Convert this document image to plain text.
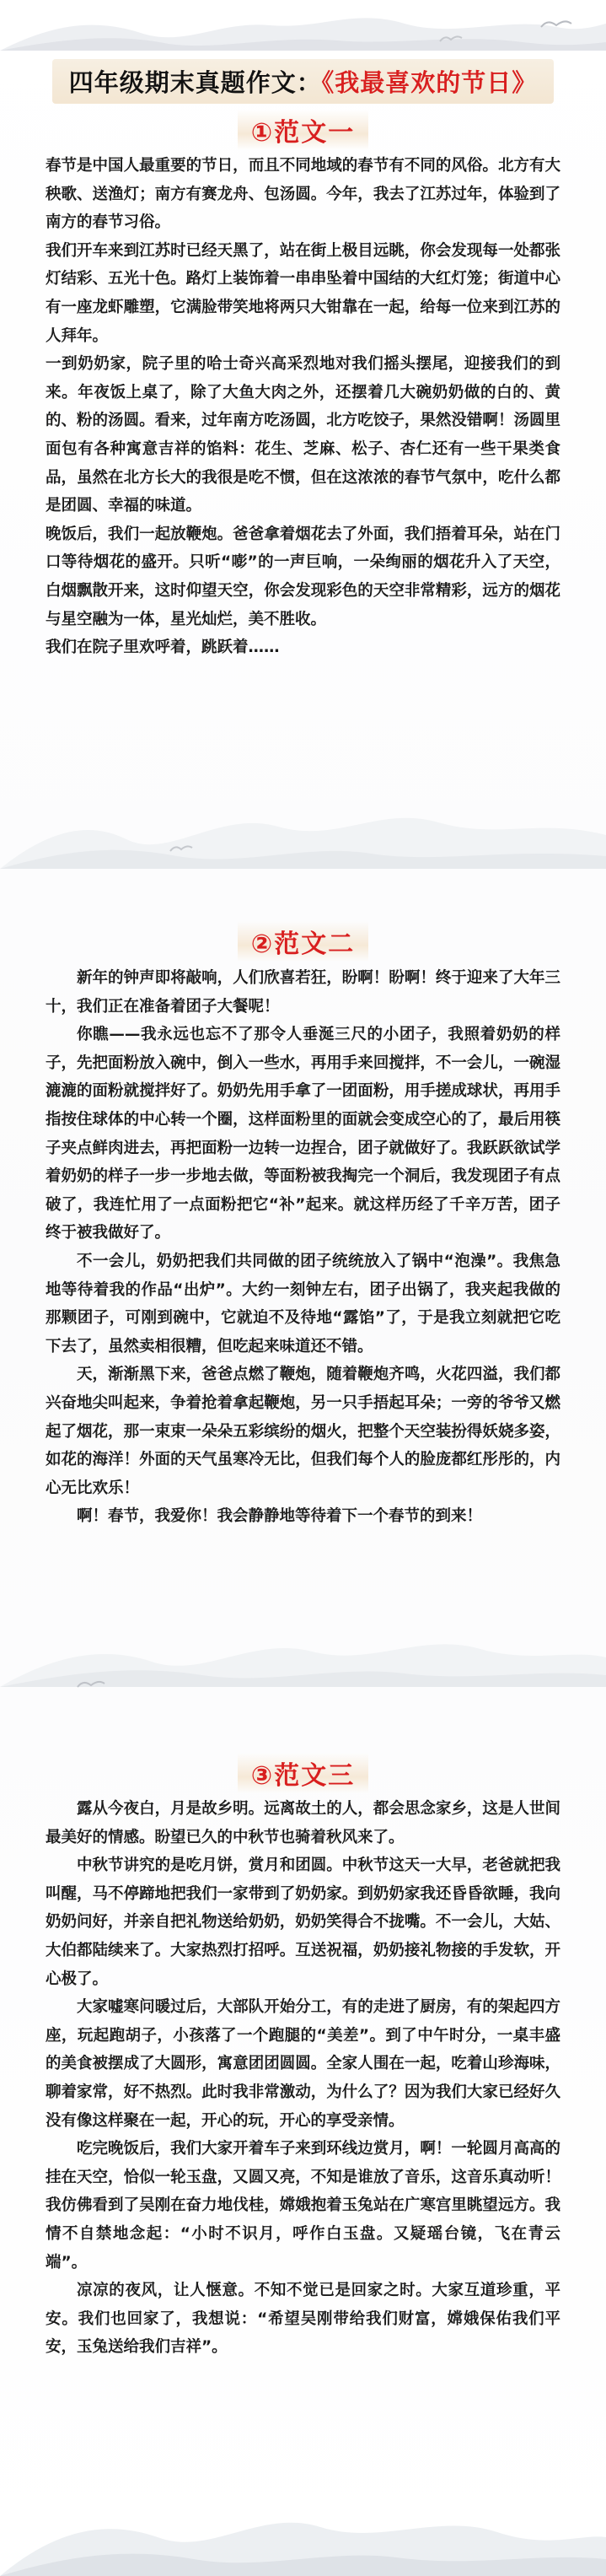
四年级期末真题作文：《我最喜欢的节日》
①范文一

春节是中国人最重要的节日，而且不同地域的春节有不同的风俗。北方有大秧歌、送渔灯；南方有赛龙舟、包汤圆。今年，我去了江苏过年，体验到了南方的春节习俗。

我们开车来到江苏时已经天黑了，站在街上极目远眺，你会发现每一处都张灯结彩、五光十色。路灯上装饰着一串串坠着中国结的大红灯笼；街道中心有一座龙虾雕塑，它满脸带笑地将两只大钳靠在一起，给每一位来到江苏的人拜年。

一到奶奶家，院子里的哈士奇兴高采烈地对我们摇头摆尾，迎接我们的到来。年夜饭上桌了，除了大鱼大肉之外，还摆着几大碗奶奶做的白的、黄的、粉的汤圆。看来，过年南方吃汤圆，北方吃饺子，果然没错啊！汤圆里面包有各种寓意吉祥的馅料：花生、芝麻、松子、杏仁还有一些干果类食品，虽然在北方长大的我很是吃不惯，但在这浓浓的春节气氛中，吃什么都是团圆、幸福的味道。

晚饭后，我们一起放鞭炮。爸爸拿着烟花去了外面，我们捂着耳朵，站在门口等待烟花的盛开。只听“嘭”的一声巨响，一朵绚丽的烟花升入了天空，白烟飘散开来，这时仰望天空，你会发现彩色的天空非常精彩，远方的烟花与星空融为一体，星光灿烂，美不胜收。

我们在院子里欢呼着，跳跃着……

②范文二

新年的钟声即将敲响，人们欣喜若狂，盼啊！盼啊！终于迎来了大年三十，我们正在准备着团子大餐呢！

你瞧——我永远也忘不了那令人垂涎三尺的小团子，我照着奶奶的样子，先把面粉放入碗中，倒入一些水，再用手来回搅拌，不一会儿，一碗湿漉漉的面粉就搅拌好了。奶奶先用手拿了一团面粉，用手搓成球状，再用手指按住球体的中心转一个圈，这样面粉里的面就会变成空心的了，最后用筷子夹点鲜肉进去，再把面粉一边转一边捏合，团子就做好了。我跃跃欲试学着奶奶的样子一步一步地去做，等面粉被我掏完一个洞后，我发现团子有点破了，我连忙用了一点面粉把它“补”起来。就这样历经了千辛万苦，团子终于被我做好了。

不一会儿，奶奶把我们共同做的团子统统放入了锅中“泡澡”。我焦急地等待着我的作品“出炉”。大约一刻钟左右，团子出锅了，我夹起我做的那颗团子，可刚到碗中，它就迫不及待地“露馅”了，于是我立刻就把它吃下去了，虽然卖相很糟，但吃起来味道还不错。

天，渐渐黑下来，爸爸点燃了鞭炮，随着鞭炮齐鸣，火花四溢，我们都兴奋地尖叫起来，争着抢着拿起鞭炮，另一只手捂起耳朵；一旁的爷爷又燃起了烟花，那一束束一朵朵五彩缤纷的烟火，把整个天空装扮得妖娆多姿，如花的海洋！外面的天气虽寒冷无比，但我们每个人的脸庞都红彤彤的，内心无比欢乐！

啊！春节，我爱你！我会静静地等待着下一个春节的到来！

③范文三

露从今夜白，月是故乡明。远离故土的人，都会思念家乡，这是人世间最美好的情感。盼望已久的中秋节也骑着秋风来了。

中秋节讲究的是吃月饼，赏月和团圆。中秋节这天一大早，老爸就把我叫醒，马不停蹄地把我们一家带到了奶奶家。到奶奶家我还昏昏欲睡，我向奶奶问好，并亲自把礼物送给奶奶，奶奶笑得合不拢嘴。不一会儿，大姑、大伯都陆续来了。大家热烈打招呼。互送祝福，奶奶接礼物接的手发软，开心极了。

大家嘘寒问暖过后，大部队开始分工，有的走进了厨房，有的架起四方座，玩起跑胡子，小孩落了一个跑腿的“美差”。到了中午时分，一桌丰盛的美食被摆成了大圆形，寓意团团圆圆。全家人围在一起，吃着山珍海味，聊着家常，好不热烈。此时我非常激动，为什么了？因为我们大家已经好久没有像这样聚在一起，开心的玩，开心的享受亲情。

吃完晚饭后，我们大家开着车子来到环线边赏月，啊！一轮圆月高高的挂在天空，恰似一轮玉盘，又圆又亮，不知是谁放了音乐，这音乐真动听！我仿佛看到了吴刚在奋力地伐桂，嫦娥抱着玉兔站在广寒宫里眺望远方。我情不自禁地念起：“小时不识月，呼作白玉盘。又疑瑶台镜，飞在青云端”。

凉凉的夜风，让人惬意。不知不觉已是回家之时。大家互道珍重，平安。我们也回家了，我想说：“希望吴刚带给我们财富，嫦娥保佑我们平安，玉兔送给我们吉祥”。
